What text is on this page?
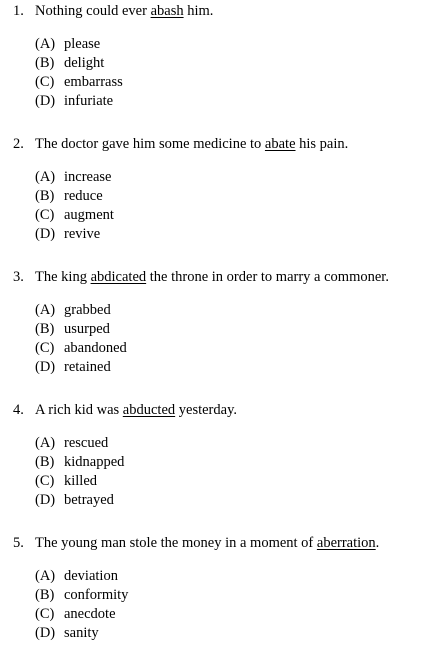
1. Nothing could ever abash him.
(A) please
(B) delight
(C) embarrass
(D) infuriate
2. The doctor gave him some medicine to abate his pain.
(A) increase
(B) reduce
(C) augment
(D) revive
3. The king abdicated the throne in order to marry a commoner.
(A) grabbed
(B) usurped
(C) abandoned
(D) retained
4. A rich kid was abducted yesterday.
(A) rescued
(B) kidnapped
(C) killed
(D) betrayed
5. The young man stole the money in a moment of aberration.
(A) deviation
(B) conformity
(C) anecdote
(D) sanity
